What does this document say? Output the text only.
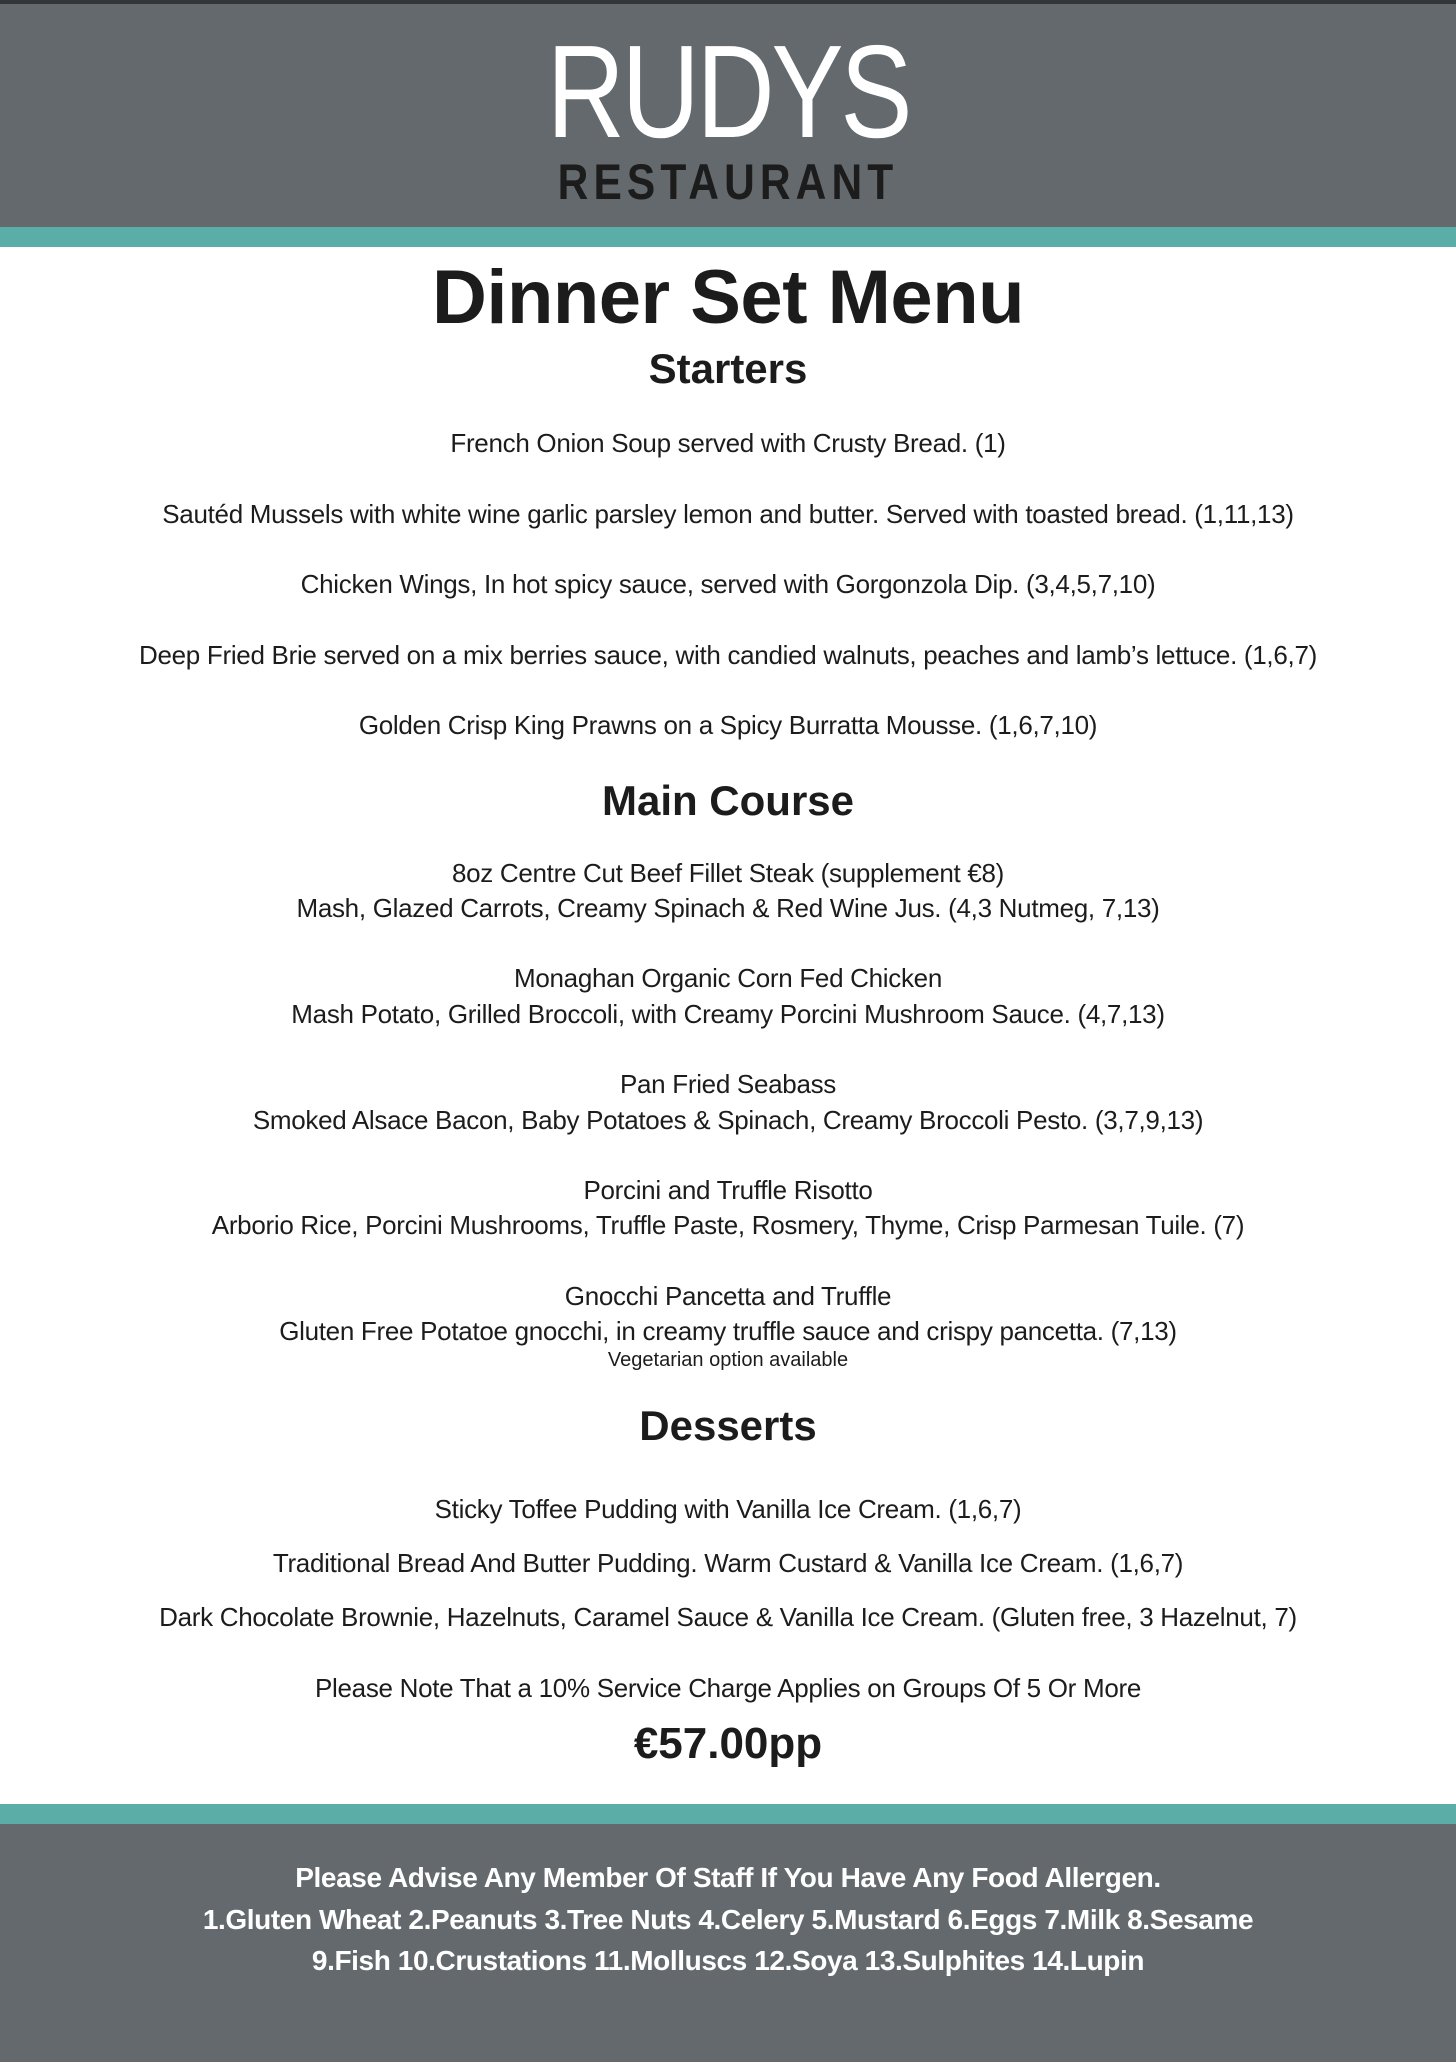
RUDYS
RESTAURANT
Dinner Set Menu
Starters
French Onion Soup served with Crusty Bread. (1)
Sautéd Mussels with white wine garlic parsley lemon and butter. Served with toasted bread. (1,11,13)
Chicken Wings, In hot spicy sauce, served with Gorgonzola Dip. (3,4,5,7,10)
Deep Fried Brie served on a mix berries sauce, with candied walnuts, peaches and lamb’s lettuce. (1,6,7)
Golden Crisp King Prawns on a Spicy Burratta Mousse. (1,6,7,10)
Main Course
8oz Centre Cut Beef Fillet Steak (supplement €8)
Mash, Glazed Carrots, Creamy Spinach & Red Wine Jus. (4,3 Nutmeg, 7,13)
Monaghan Organic Corn Fed Chicken
Mash Potato, Grilled Broccoli, with Creamy Porcini Mushroom Sauce. (4,7,13)
Pan Fried Seabass
Smoked Alsace Bacon, Baby Potatoes & Spinach, Creamy Broccoli Pesto. (3,7,9,13)
Porcini and Truffle Risotto
Arborio Rice, Porcini Mushrooms, Truffle Paste, Rosmery, Thyme, Crisp Parmesan Tuile. (7)
Gnocchi Pancetta and Truffle
Gluten Free Potatoe gnocchi, in creamy truffle sauce and crispy pancetta. (7,13)
Vegetarian option available
Desserts
Sticky Toffee Pudding with Vanilla Ice Cream. (1,6,7)
Traditional Bread And Butter Pudding. Warm Custard & Vanilla Ice Cream. (1,6,7)
Dark Chocolate Brownie, Hazelnuts, Caramel Sauce & Vanilla Ice Cream. (Gluten free, 3 Hazelnut, 7)
Please Note That a 10% Service Charge Applies on Groups Of 5 Or More
€57.00pp
Please Advise Any Member Of Staff If You Have Any Food Allergen.
1.Gluten Wheat 2.Peanuts 3.Tree Nuts 4.Celery 5.Mustard 6.Eggs 7.Milk 8.Sesame
9.Fish 10.Crustations 11.Molluscs 12.Soya 13.Sulphites 14.Lupin
